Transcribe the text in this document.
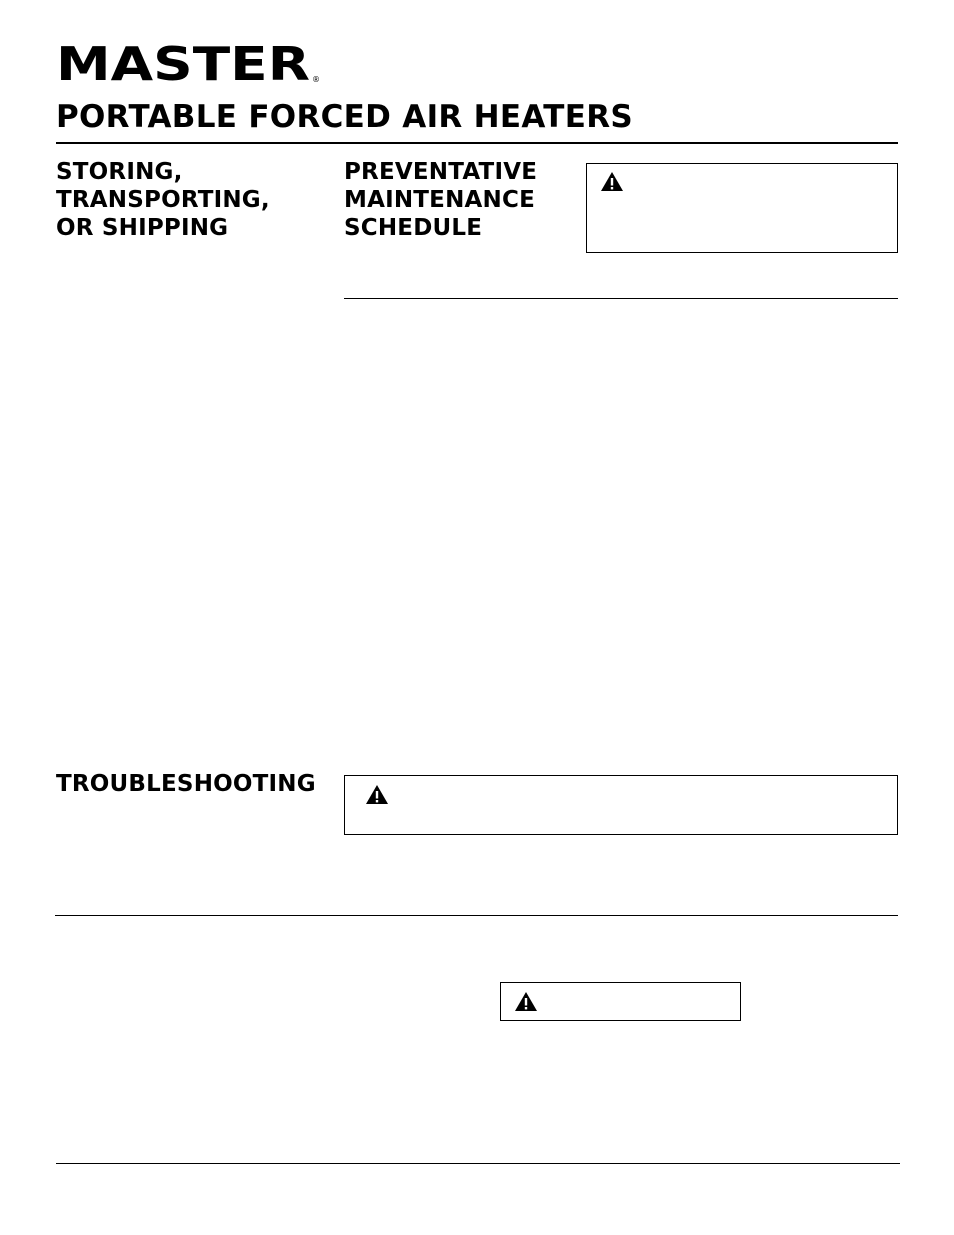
MASTER ®
PORTABLE FORCED AIR HEATERS
STORING,
TRANSPORTING,
OR SHIPPING
PREVENTATIVE
MAINTENANCE
SCHEDULE
TROUBLESHOOTING
